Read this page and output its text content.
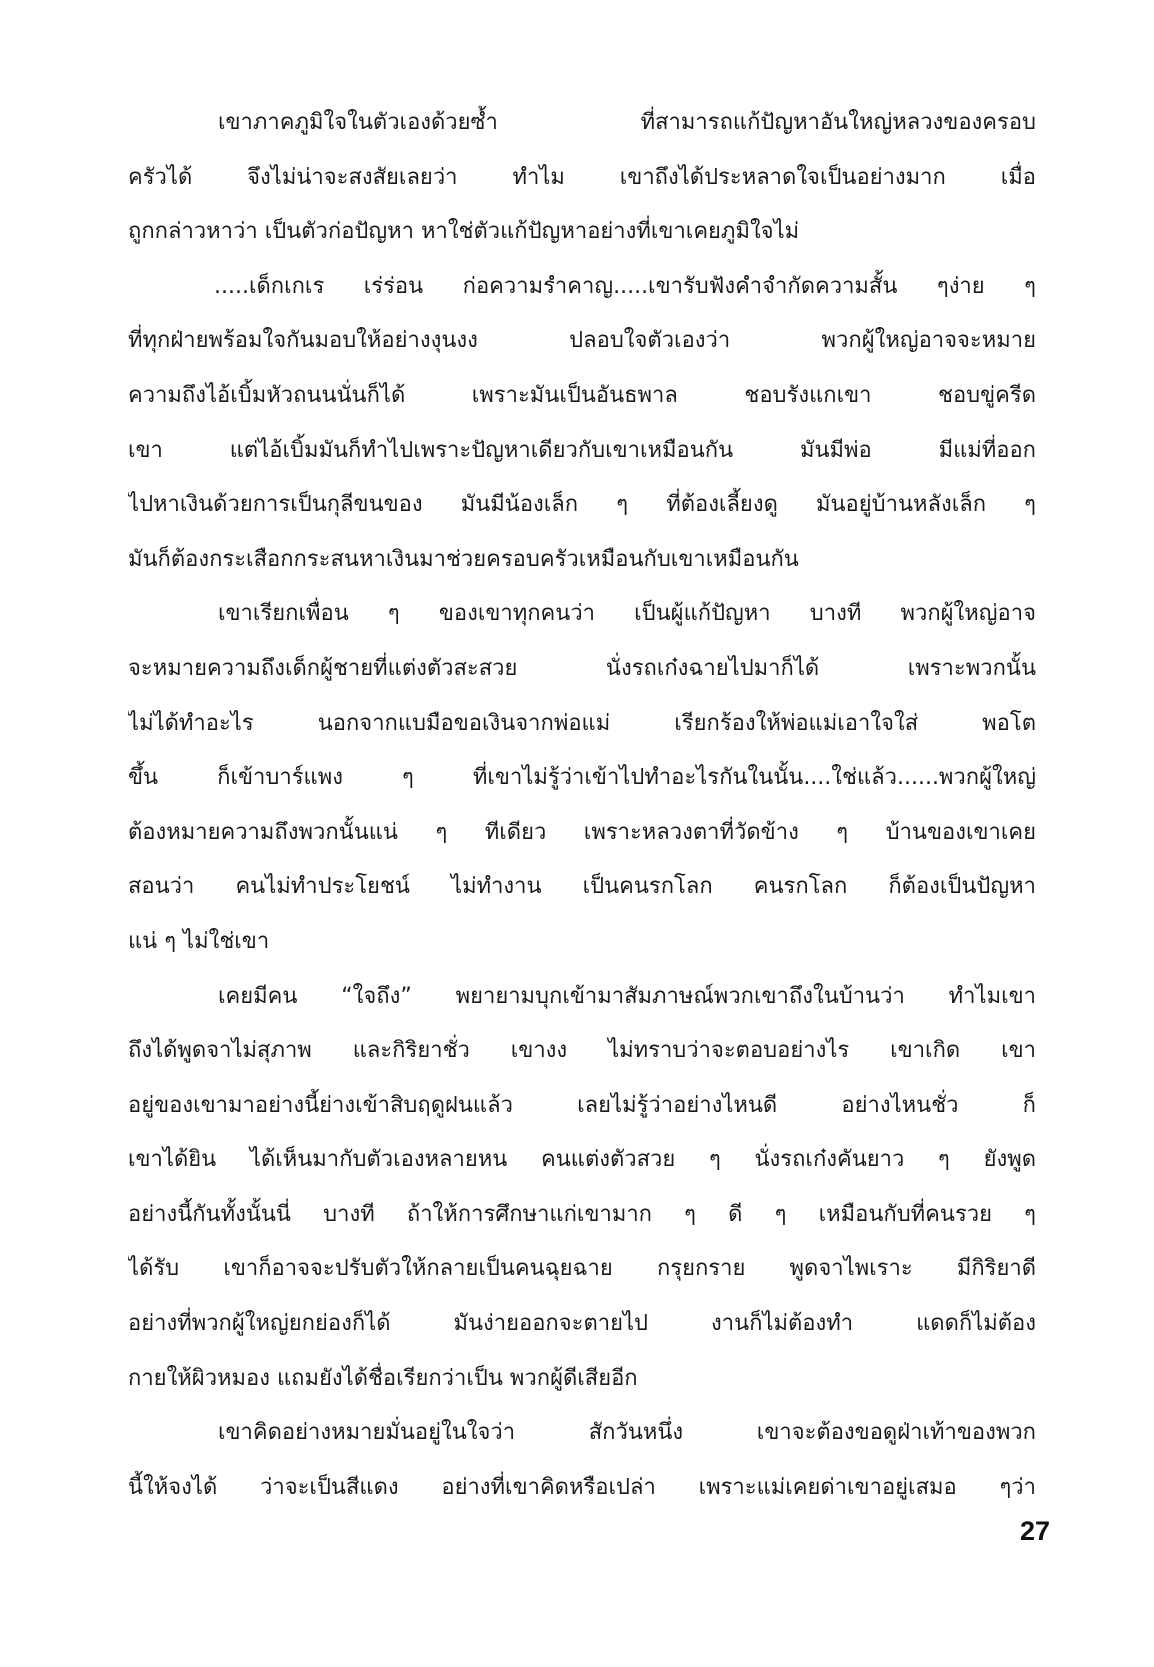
เขาภาคภูมิใจในตัวเองด้วยซ้ำ ที่สามารถแก้ปัญหาอันใหญ่หลวงของครอบ
ครัวได้ จึงไม่น่าจะสงสัยเลยว่า ทำไม เขาถึงได้ประหลาดใจเป็นอย่างมาก เมื่อ
ถูกกล่าวหาว่า เป็นตัวก่อปัญหา หาใช่ตัวแก้ปัญหาอย่างที่เขาเคยภูมิใจไม่
.....เด็กเกเร เร่ร่อน ก่อความรำคาญ.....เขารับฟังคำจำกัดความสั้น ๆง่าย ๆ
ที่ทุกฝ่ายพร้อมใจกันมอบให้อย่างงุนงง ปลอบใจตัวเองว่า พวกผู้ใหญ่อาจจะหมาย
ความถึงไอ้เบิ้มหัวถนนนั่นก็ได้ เพราะมันเป็นอันธพาล ชอบรังแกเขา ชอบขู่ครีด
เขา แต่ไอ้เบิ้มมันก็ทำไปเพราะปัญหาเดียวกับเขาเหมือนกัน มันมีพ่อ มีแม่ที่ออก
ไปหาเงินด้วยการเป็นกุลีขนของ มันมีน้องเล็ก ๆ ที่ต้องเลี้ยงดู มันอยู่บ้านหลังเล็ก ๆ
มันก็ต้องกระเสือกกระสนหาเงินมาช่วยครอบครัวเหมือนกับเขาเหมือนกัน
เขาเรียกเพื่อน ๆ ของเขาทุกคนว่า เป็นผู้แก้ปัญหา บางที พวกผู้ใหญ่อาจ
จะหมายความถึงเด็กผู้ชายที่แต่งตัวสะสวย นั่งรถเก๋งฉายไปมาก็ได้ เพราะพวกนั้น
ไม่ได้ทำอะไร นอกจากแบมือขอเงินจากพ่อแม่ เรียกร้องให้พ่อแม่เอาใจใส่ พอโต
ขึ้น ก็เข้าบาร์แพง ๆ ที่เขาไม่รู้ว่าเข้าไปทำอะไรกันในนั้น....ใช่แล้ว......พวกผู้ใหญ่
ต้องหมายความถึงพวกนั้นแน่ ๆ ทีเดียว เพราะหลวงตาที่วัดข้าง ๆ บ้านของเขาเคย
สอนว่า คนไม่ทำประโยชน์ ไม่ทำงาน เป็นคนรกโลก คนรกโลก ก็ต้องเป็นปัญหา
แน่ ๆ ไม่ใช่เขา
เคยมีคน “ใจถึง” พยายามบุกเข้ามาสัมภาษณ์พวกเขาถึงในบ้านว่า ทำไมเขา
ถึงได้พูดจาไม่สุภาพ และกิริยาชั่ว เขางง ไม่ทราบว่าจะตอบอย่างไร เขาเกิด เขา
อยู่ของเขามาอย่างนี้ย่างเข้าสิบฤดูฝนแล้ว เลยไม่รู้ว่าอย่างไหนดี อย่างไหนชั่ว ก็
เขาได้ยิน ได้เห็นมากับตัวเองหลายหน คนแต่งตัวสวย ๆ นั่งรถเก๋งคันยาว ๆ ยังพูด
อย่างนี้กันทั้งนั้นนี่ บางที ถ้าให้การศึกษาแก่เขามาก ๆ ดี ๆ เหมือนกับที่คนรวย ๆ
ได้รับ เขาก็อาจจะปรับตัวให้กลายเป็นคนฉุยฉาย กรุยกราย พูดจาไพเราะ มีกิริยาดี
อย่างที่พวกผู้ใหญ่ยกย่องก็ได้ มันง่ายออกจะตายไป งานก็ไม่ต้องทำ แดดก็ไม่ต้อง
กายให้ผิวหมอง แถมยังได้ชื่อเรียกว่าเป็น พวกผู้ดีเสียอีก
เขาคิดอย่างหมายมั่นอยู่ในใจว่า สักวันหนึ่ง เขาจะต้องขอดูฝ่าเท้าของพวก
นี้ให้จงได้ ว่าจะเป็นสีแดง อย่างที่เขาคิดหรือเปล่า เพราะแม่เคยด่าเขาอยู่เสมอ ๆว่า
27
